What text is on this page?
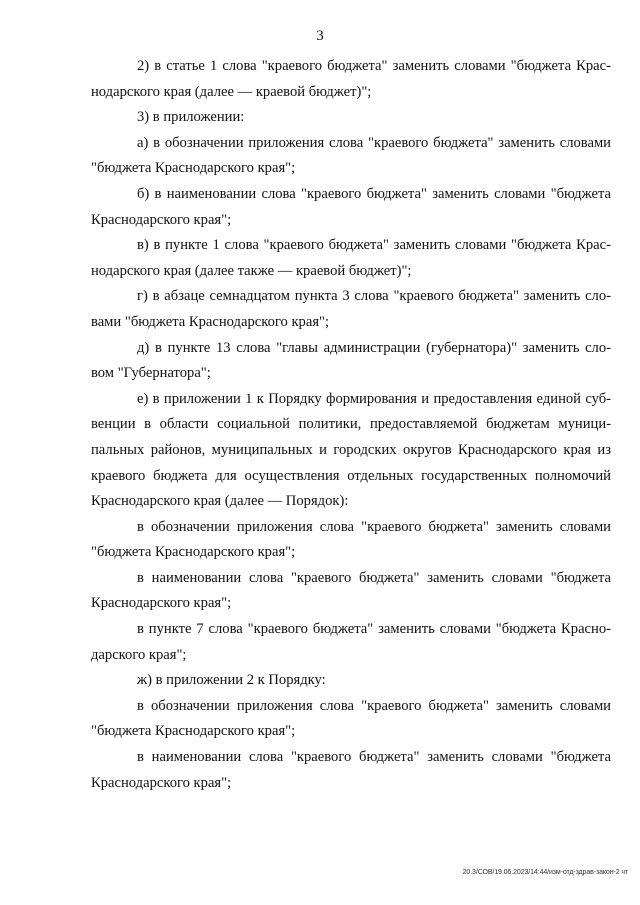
3
2) в статье 1 слова "краевого бюджета" заменить словами "бюджета Крас-
нодарского края (далее — краевой бюджет)";
3) в приложении:
а) в обозначении приложения слова "краевого бюджета" заменить словами
"бюджета Краснодарского края";
б) в наименовании слова "краевого бюджета" заменить словами "бюджета
Краснодарского края";
в) в пункте 1 слова "краевого бюджета" заменить словами "бюджета Крас-
нодарского края (далее также — краевой бюджет)";
г) в абзаце семнадцатом пункта 3 слова "краевого бюджета" заменить сло-
вами "бюджета Краснодарского края";
д) в пункте 13 слова "главы администрации (губернатора)" заменить сло-
вом "Губернатора";
е) в приложении 1 к Порядку формирования и предоставления единой суб-
венции в области социальной политики, предоставляемой бюджетам муници-
пальных районов, муниципальных и городских округов Краснодарского края из
краевого бюджета для осуществления отдельных государственных полномочий
Краснодарского края (далее — Порядок):
в обозначении приложения слова "краевого бюджета" заменить словами
"бюджета Краснодарского края";
в наименовании слова "краевого бюджета" заменить словами "бюджета
Краснодарского края";
в пункте 7 слова "краевого бюджета" заменить словами "бюджета Красно-
дарского края";
ж) в приложении 2 к Порядку:
в обозначении приложения слова "краевого бюджета" заменить словами
"бюджета Краснодарского края";
в наименовании слова "краевого бюджета" заменить словами "бюджета
Краснодарского края";
20.3/СОВ/19.06.2023/14:44/изм-отд-здрав-закон-2 чт
